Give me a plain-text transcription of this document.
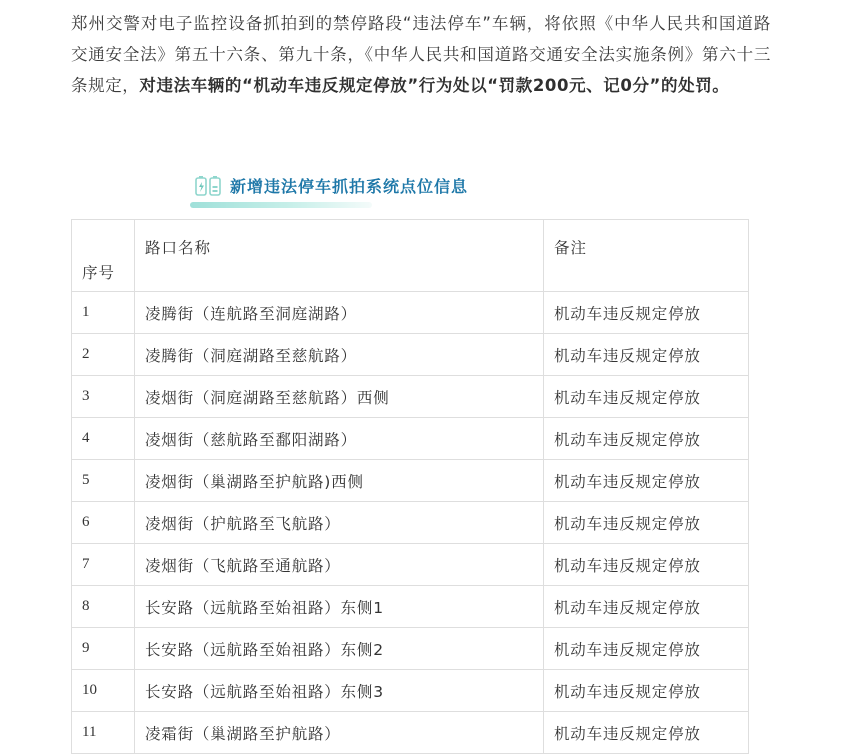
郑州交警对电子监控设备抓拍到的禁停路段“违法停车”车辆，将依照《中华人民共和国道路交通安全法》第五十六条、第九十条，《中华人民共和国道路交通安全法实施条例》第六十三条规定，对违法车辆的“机动车违反规定停放”行为处以“罚款200元、记0分”的处罚。

新增违法停车抓拍系统点位信息
序号	路口名称	备注
1	凌腾街（连航路至洞庭湖路）	机动车违反规定停放
2	凌腾街（洞庭湖路至慈航路）	机动车违反规定停放
3	凌烟街（洞庭湖路至慈航路）西侧	机动车违反规定停放
4	凌烟街（慈航路至鄱阳湖路）	机动车违反规定停放
5	凌烟街（巢湖路至护航路)西侧	机动车违反规定停放
6	凌烟街（护航路至飞航路）	机动车违反规定停放
7	凌烟街（飞航路至通航路）	机动车违反规定停放
8	长安路（远航路至始祖路）东侧1	机动车违反规定停放
9	长安路（远航路至始祖路）东侧2	机动车违反规定停放
10	长安路（远航路至始祖路）东侧3	机动车违反规定停放
11	凌霜街（巢湖路至护航路）	机动车违反规定停放
